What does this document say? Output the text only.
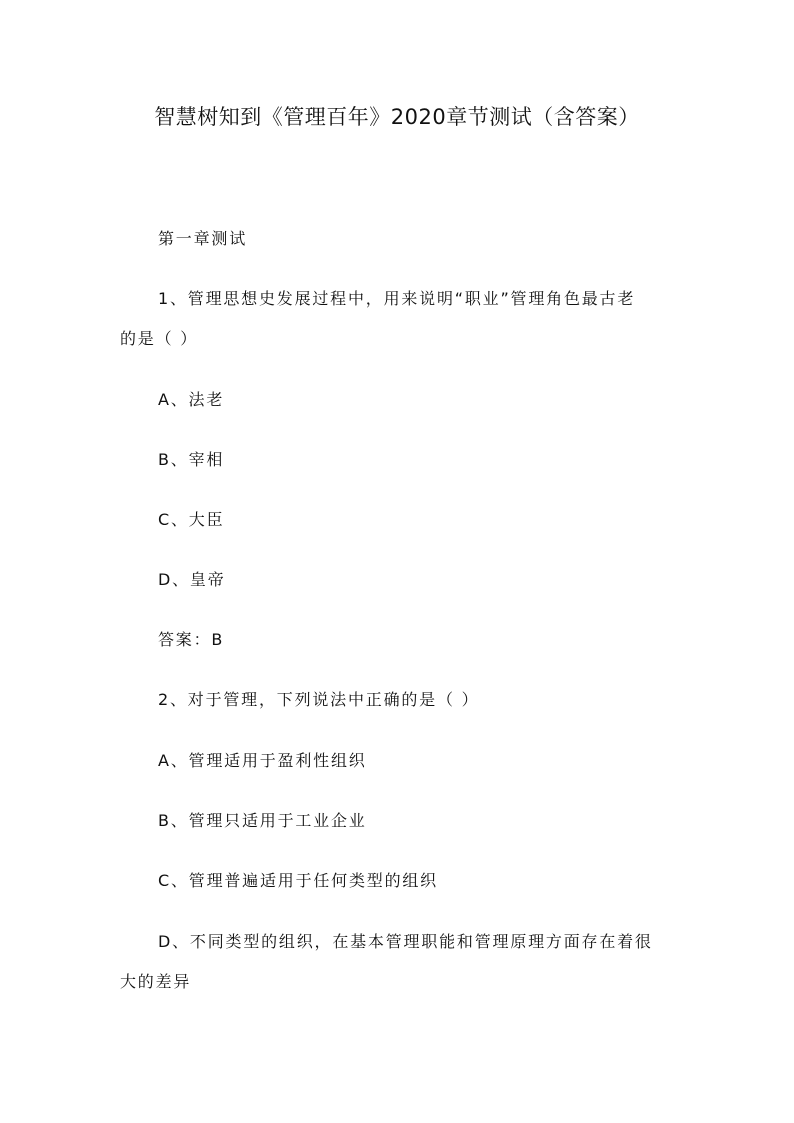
智慧树知到《管理百年》2020章节测试（含答案）
第一章测试
1、管理思想史发展过程中，用来说明“职业”管理角色最古老
的是（ ）
A、法老
B、宰相
C、大臣
D、皇帝
答案：B
2、对于管理，下列说法中正确的是（ ）
A、管理适用于盈利性组织
B、管理只适用于工业企业
C、管理普遍适用于任何类型的组织
D、不同类型的组织，在基本管理职能和管理原理方面存在着很
大的差异
